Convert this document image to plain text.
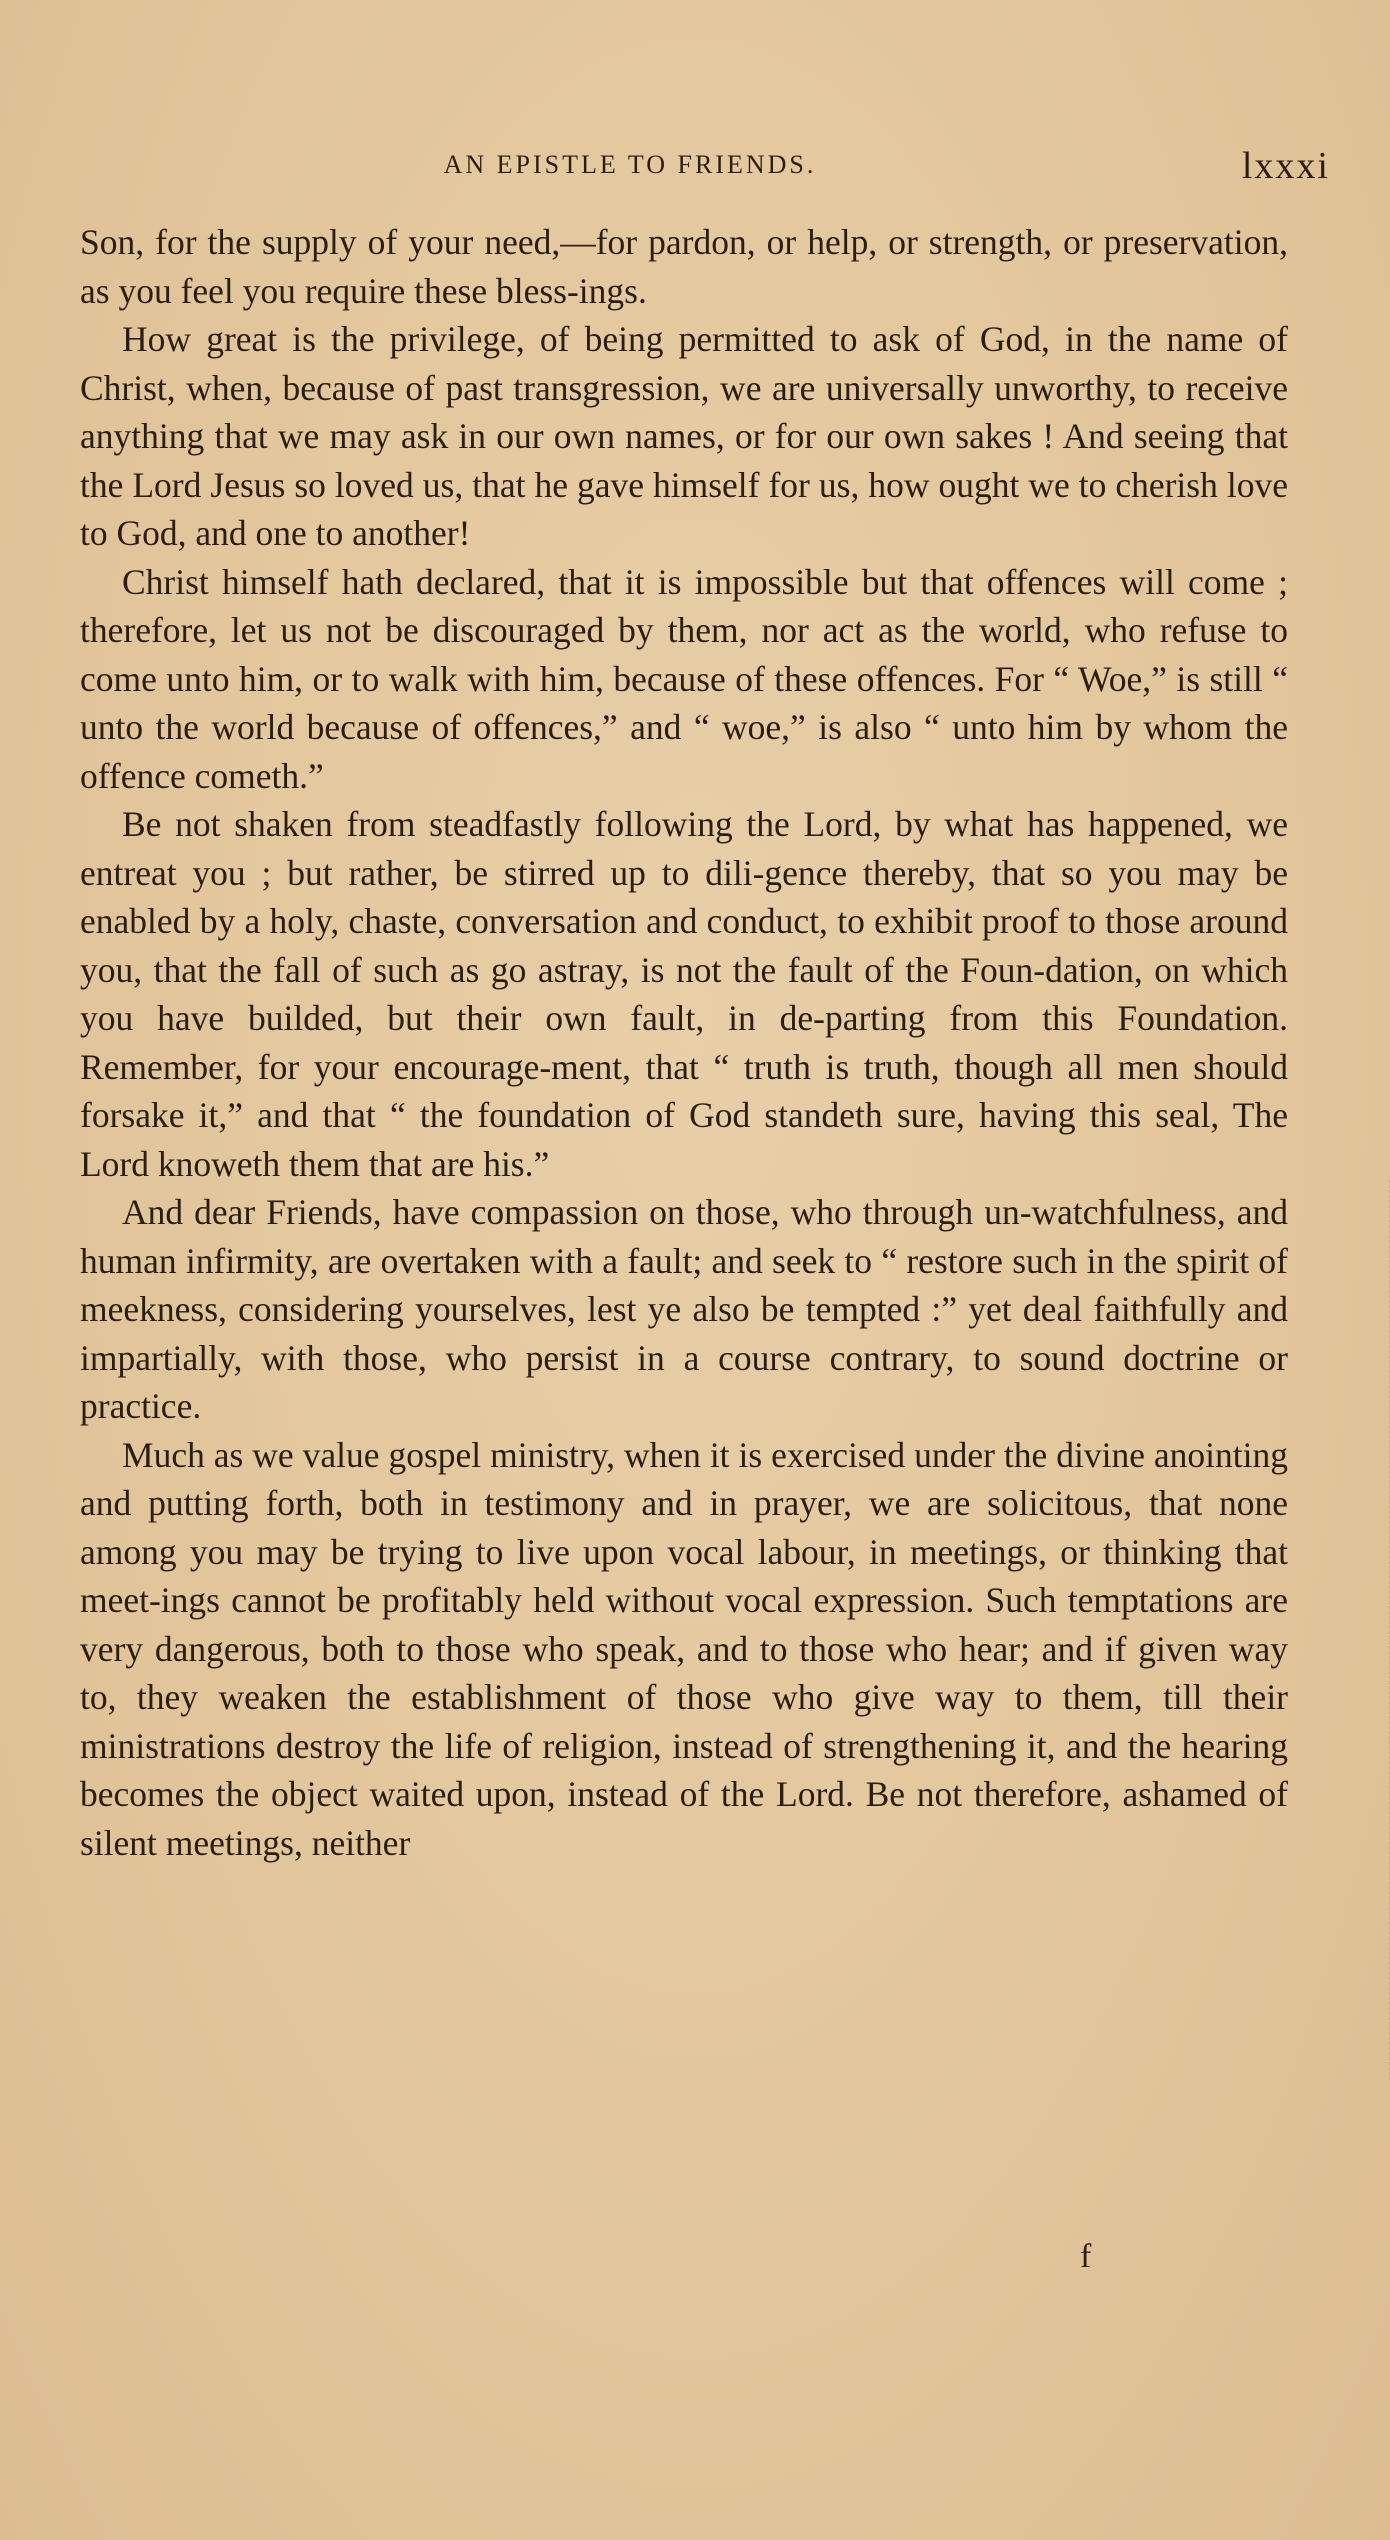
AN EPISTLE TO FRIENDS.	lxxxi

Son, for the supply of your need,—for pardon, or help, or strength, or preservation, as you feel you require these bless-ings.

How great is the privilege, of being permitted to ask of God, in the name of Christ, when, because of past transgression, we are universally unworthy, to receive anything that we may ask in our own names, or for our own sakes ! And seeing that the Lord Jesus so loved us, that he gave himself for us, how ought we to cherish love to God, and one to another!

Christ himself hath declared, that it is impossible but that offences will come ; therefore, let us not be discouraged by them, nor act as the world, who refuse to come unto him, or to walk with him, because of these offences. For “ Woe,” is still “ unto the world because of offences,” and “ woe,” is also “ unto him by whom the offence cometh.”

Be not shaken from steadfastly following the Lord, by what has happened, we entreat you ; but rather, be stirred up to dili-gence thereby, that so you may be enabled by a holy, chaste, conversation and conduct, to exhibit proof to those around you, that the fall of such as go astray, is not the fault of the Foun-dation, on which you have builded, but their own fault, in de-parting from this Foundation. Remember, for your encourage-ment, that “ truth is truth, though all men should forsake it,” and that “ the foundation of God standeth sure, having this seal, The Lord knoweth them that are his.”

And dear Friends, have compassion on those, who through un-watchfulness, and human infirmity, are overtaken with a fault; and seek to “ restore such in the spirit of meekness, considering yourselves, lest ye also be tempted :” yet deal faithfully and impartially, with those, who persist in a course contrary, to sound doctrine or practice.

Much as we value gospel ministry, when it is exercised under the divine anointing and putting forth, both in testimony and in prayer, we are solicitous, that none among you may be trying to live upon vocal labour, in meetings, or thinking that meet-ings cannot be profitably held without vocal expression. Such temptations are very dangerous, both to those who speak, and to those who hear; and if given way to, they weaken the establishment of those who give way to them, till their ministrations destroy the life of religion, instead of strengthening it, and the hearing becomes the object waited upon, instead of the Lord. Be not therefore, ashamed of silent meetings, neither

f
